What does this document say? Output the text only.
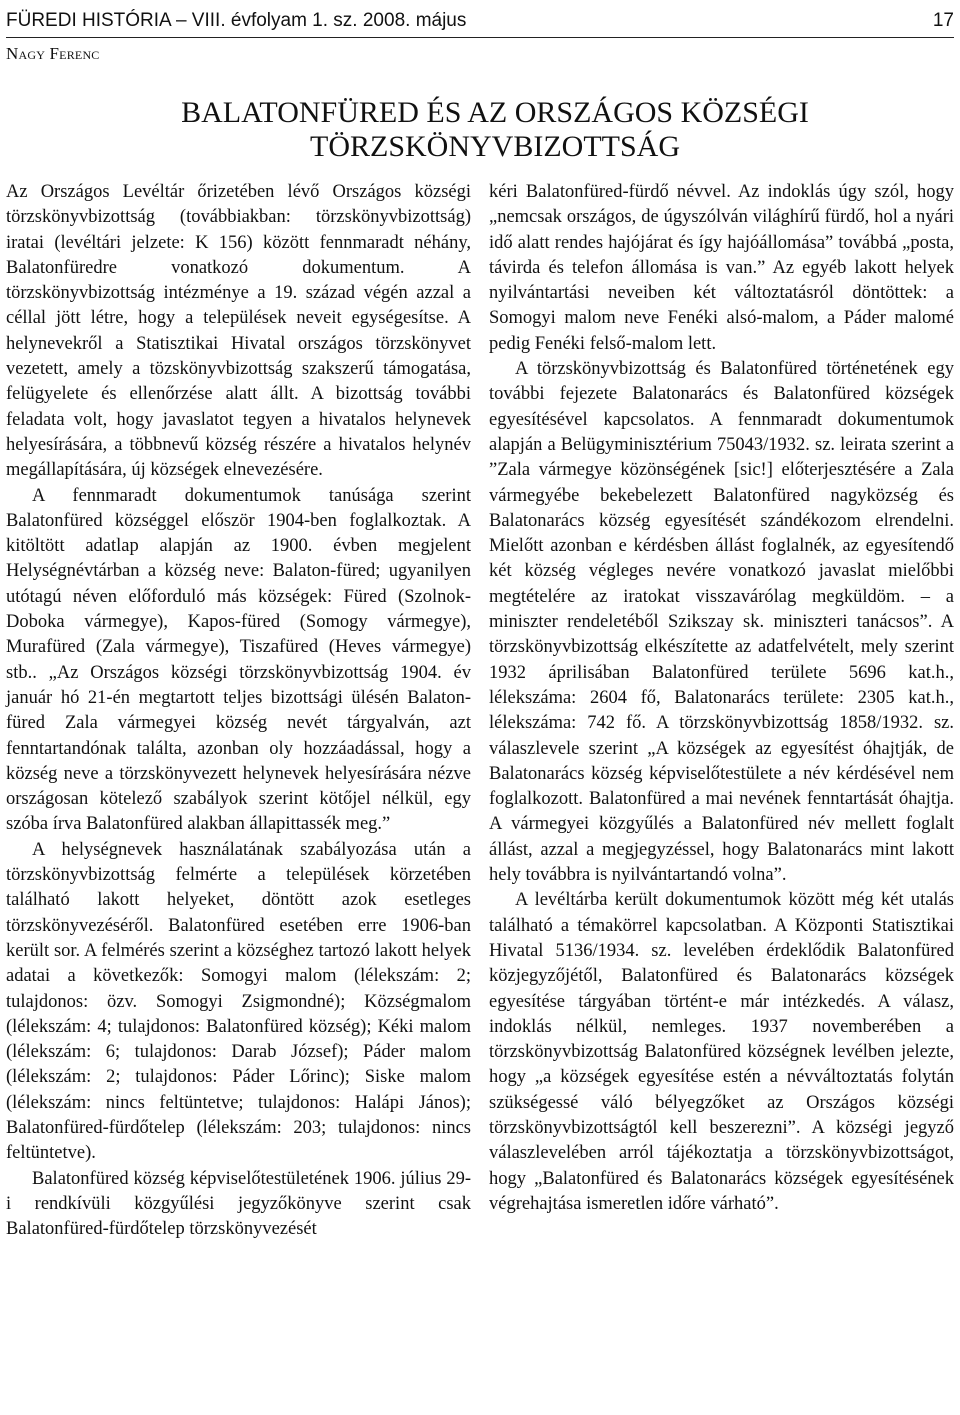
FÜREDI HISTÓRIA – VIII. évfolyam 1. sz. 2008. május	17
Nagy Ferenc
BALATONFÜRED ÉS AZ ORSZÁGOS KÖZSÉGI TÖRZSKÖNYVBIZOTTSÁG

Az Országos Levéltár őrizetében lévő Országos községi törzskönyvbizottság (továbbiakban: törzskönyvbizottság) iratai (levéltári jelzete: K 156) között fennmaradt néhány, Balatonfüredre vonatkozó dokumentum. A törzskönyvbizottság intézménye a 19. század végén azzal a céllal jött létre, hogy a települések neveit egységesítse. A helynevekről a Statisztikai Hivatal országos törzskönyvet vezetett, amely a tözskönyvbizottság szakszerű támogatása, felügyelete és ellenőrzése alatt állt. A bizottság további feladata volt, hogy javaslatot tegyen a hivatalos helynevek helyesírására, a többnevű község részére a hivatalos helynév megállapítására, új községek elnevezésére.

A fennmaradt dokumentumok tanúsága szerint Balatonfüred községgel először 1904-ben foglalkoztak. A kitöltött adatlap alapján az 1900. évben megjelent Helységnévtárban a község neve: Balaton-füred; ugyanilyen utótagú néven előforduló más községek: Füred (Szolnok-Doboka vármegye), Kapos-füred (Somogy vármegye), Murafüred (Zala vármegye), Tiszafüred (Heves vármegye) stb.. „Az Országos községi törzskönyvbizottság 1904. év január hó 21-én megtartott teljes bizottsági ülésén Balaton-füred Zala vármegyei község nevét tárgyalván, azt fenntartandónak találta, azonban oly hozzáadással, hogy a község neve a törzskönyvezett helynevek helyesírására nézve országosan kötelező szabályok szerint kötőjel nélkül, egy szóba írva Balatonfüred alakban állapittassék meg.”

A helységnevek használatának szabályozása után a törzskönyvbizottság felmérte a települések körzetében található lakott helyeket, döntött azok esetleges törzskönyvezéséről. Balatonfüred esetében erre 1906-ban került sor. A felmérés szerint a községhez tartozó lakott helyek adatai a következők: Somogyi malom (lélekszám: 2; tulajdonos: özv. Somogyi Zsigmondné); Községmalom (lélekszám: 4; tulajdonos: Balatonfüred község); Kéki malom (lélekszám: 6; tulajdonos: Darab József); Páder malom (lélekszám: 2; tulajdonos: Páder Lőrinc); Siske malom (lélekszám: nincs feltüntetve; tulajdonos: Halápi János); Balatonfüred-fürdőtelep (lélekszám: 203; tulajdonos: nincs feltüntetve).

Balatonfüred község képviselőtestületének 1906. július 29-i rendkívüli közgyűlési jegyzőkönyve szerint csak Balatonfüred-fürdőtelep törzskönyvezését

kéri Balatonfüred-fürdő névvel. Az indoklás úgy szól, hogy „nemcsak országos, de úgyszólván világhírű fürdő, hol a nyári idő alatt rendes hajójárat és így hajóállomása” továbbá „posta, távirda és telefon állomása is van.” Az egyéb lakott helyek nyilvántartási neveiben két változtatásról döntöttek: a Somogyi malom neve Fenéki alsó-malom, a Páder malomé pedig Fenéki felső-malom lett.

A törzskönyvbizottság és Balatonfüred történetének egy további fejezete Balatonarács és Balatonfüred községek egyesítésével kapcsolatos. A fennmaradt dokumentumok alapján a Belügyminisztérium 75043/1932. sz. leirata szerint a ”Zala vármegye közönségének [sic!] előterjesztésére a Zala vármegyébe bekebelezett Balatonfüred nagyközség és Balatonarács község egyesítését szándékozom elrendelni. Mielőtt azonban e kérdésben állást foglalnék, az egyesítendő két község végleges nevére vonatkozó javaslat mielőbbi megtételére az iratokat visszavárólag megküldöm. – a miniszter rendeletéből Szikszay sk. miniszteri tanácsos”. A törzskönyvbizottság elkészítette az adatfelvételt, mely szerint 1932 áprilisában Balatonfüred területe 5696 kat.h., lélekszáma: 2604 fő, Balatonarács területe: 2305 kat.h., lélekszáma: 742 fő. A törzskönyvbizottság 1858/1932. sz. válaszlevele szerint „A községek az egyesítést óhajtják, de Balatonarács község képviselőtestülete a név kérdésével nem foglalkozott. Balatonfüred a mai nevének fenntartását óhajtja. A vármegyei közgyűlés a Balatonfüred név mellett foglalt állást, azzal a megjegyzéssel, hogy Balatonarács mint lakott hely továbbra is nyilvántartandó volna”.

A levéltárba került dokumentumok között még két utalás található a témakörrel kapcsolatban. A Központi Statisztikai Hivatal 5136/1934. sz. levelében érdeklődik Balatonfüred közjegyzőjétől, Balatonfüred és Balatonarács községek egyesítése tárgyában történt-e már intézkedés. A válasz, indoklás nélkül, nemleges. 1937 novemberében a törzskönyvbizottság Balatonfüred községnek levélben jelezte, hogy „a községek egyesítése estén a névváltoztatás folytán szükségessé váló bélyegzőket az Országos községi törzskönyvbizottságtól kell beszerezni”. A községi jegyző válaszlevelében arról tájékoztatja a törzskönyvbizottságot, hogy „Balatonfüred és Balatonarács községek egyesítésének végrehajtása ismeretlen időre várható”.
